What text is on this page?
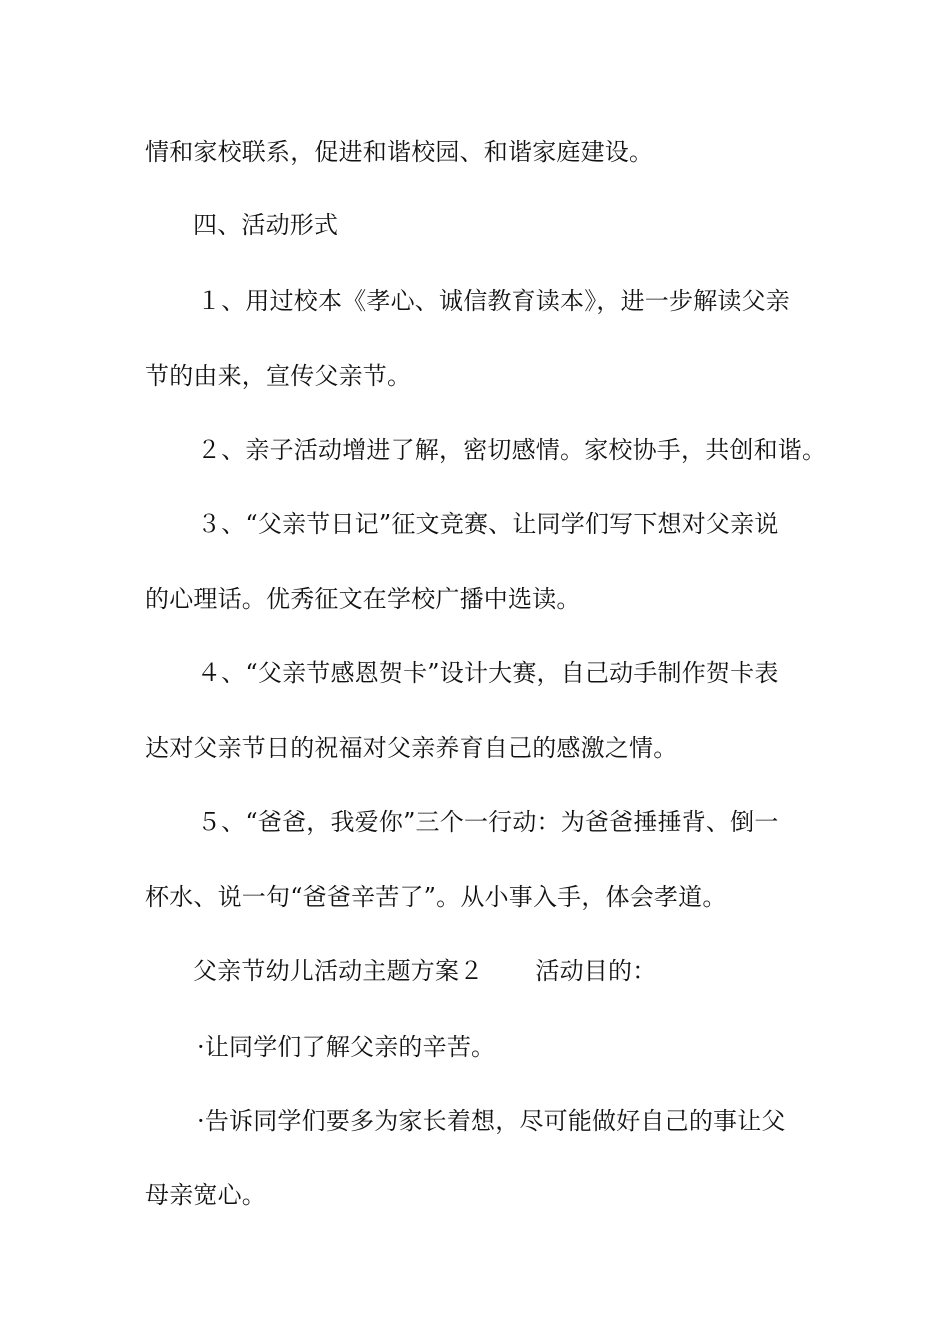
情和家校联系，促进和谐校园、和谐家庭建设。
四、活动形式
１、用过校本《孝心、诚信教育读本》，进一步解读父亲
节的由来，宣传父亲节。
２、亲子活动增进了解，密切感情。家校协手，共创和谐。
３、“父亲节日记”征文竞赛、让同学们写下想对父亲说
的心理话。优秀征文在学校广播中选读。
４、“父亲节感恩贺卡”设计大赛，自己动手制作贺卡表
达对父亲节日的祝福对父亲养育自己的感激之情。
５、“爸爸，我爱你”三个一行动：为爸爸捶捶背、倒一
杯水、说一句“爸爸辛苦了”。从小事入手，体会孝道。
父亲节幼儿活动主题方案２ 活动目的：
·让同学们了解父亲的辛苦。
·告诉同学们要多为家长着想，尽可能做好自己的事让父
母亲宽心。
